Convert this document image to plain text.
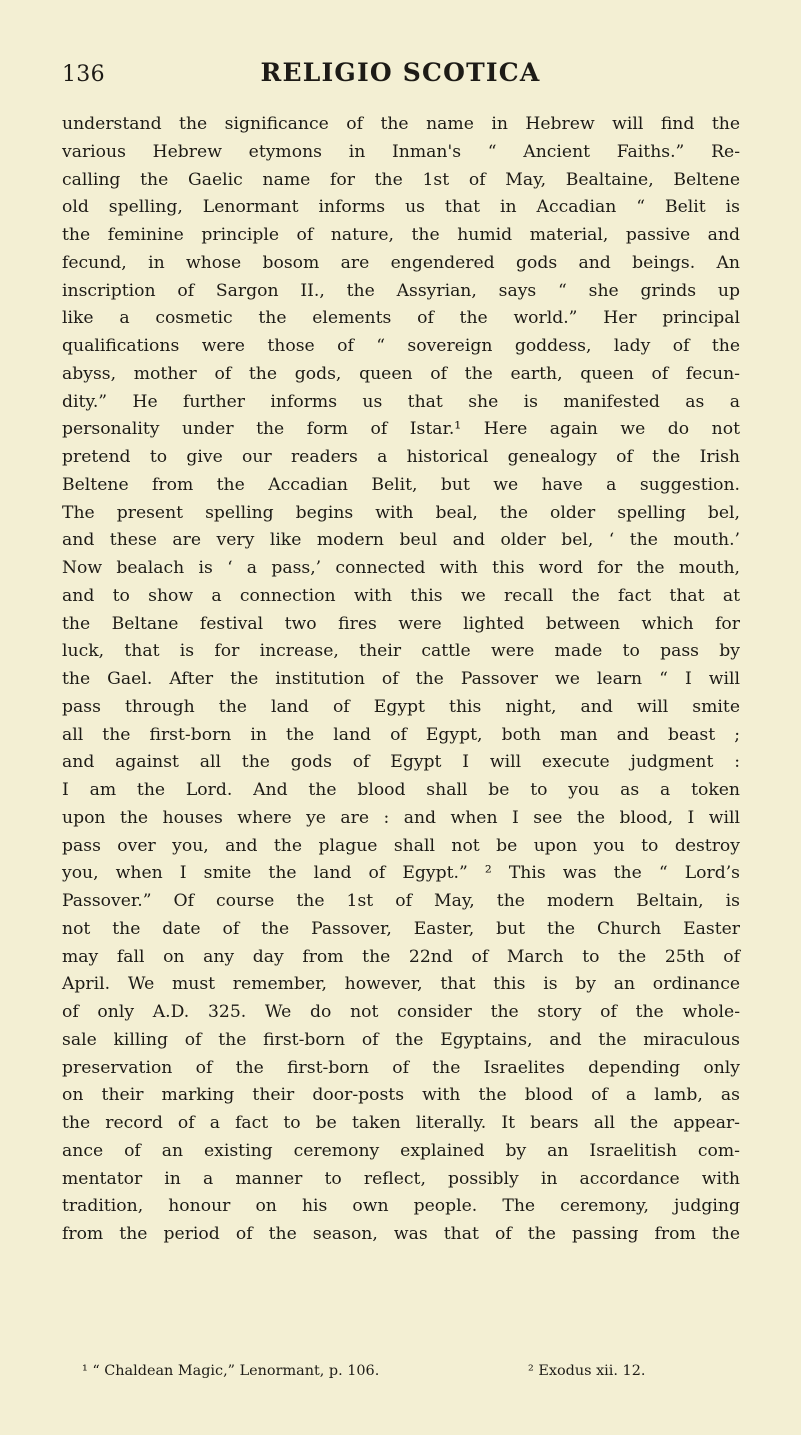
136	RELIGIO SCOTICA
understand the significance of the name in Hebrew will find the
various Hebrew etymons in Inman's “ Ancient Faiths.” Re-
calling the Gaelic name for the 1st of May, Bealtaine, Beltene
old spelling, Lenormant informs us that in Accadian “ Belit is
the feminine principle of nature, the humid material, passive and
fecund, in whose bosom are engendered gods and beings. An
inscription of Sargon II., the Assyrian, says “ she grinds up
like a cosmetic the elements of the world.” Her principal
qualifications were those of “ sovereign goddess, lady of the
abyss, mother of the gods, queen of the earth, queen of fecun-
dity.” He further informs us that she is manifested as a
personality under the form of Istar.¹ Here again we do not
pretend to give our readers a historical genealogy of the Irish
Beltene from the Accadian Belit, but we have a suggestion.
The present spelling begins with beal, the older spelling bel,
and these are very like modern beul and older bel, ‘ the mouth.’
Now bealach is ‘ a pass,’ connected with this word for the mouth,
and to show a connection with this we recall the fact that at
the Beltane festival two fires were lighted between which for
luck, that is for increase, their cattle were made to pass by
the Gael. After the institution of the Passover we learn “ I will
pass through the land of Egypt this night, and will smite
all the first-born in the land of Egypt, both man and beast ;
and against all the gods of Egypt I will execute judgment :
I am the Lord. And the blood shall be to you as a token
upon the houses where ye are : and when I see the blood, I will
pass over you, and the plague shall not be upon you to destroy
you, when I smite the land of Egypt.” ² This was the “ Lord’s
Passover.” Of course the 1st of May, the modern Beltain, is
not the date of the Passover, Easter, but the Church Easter
may fall on any day from the 22nd of March to the 25th of
April. We must remember, however, that this is by an ordinance
of only A.D. 325. We do not consider the story of the whole-
sale killing of the first-born of the Egyptains, and the miraculous
preservation of the first-born of the Israelites depending only
on their marking their door-posts with the blood of a lamb, as
the record of a fact to be taken literally. It bears all the appear-
ance of an existing ceremony explained by an Israelitish com-
mentator in a manner to reflect, possibly in accordance with
tradition, honour on his own people. The ceremony, judging
from the period of the season, was that of the passing from the
¹ “ Chaldean Magic,” Lenormant, p. 106.	² Exodus xii. 12.
